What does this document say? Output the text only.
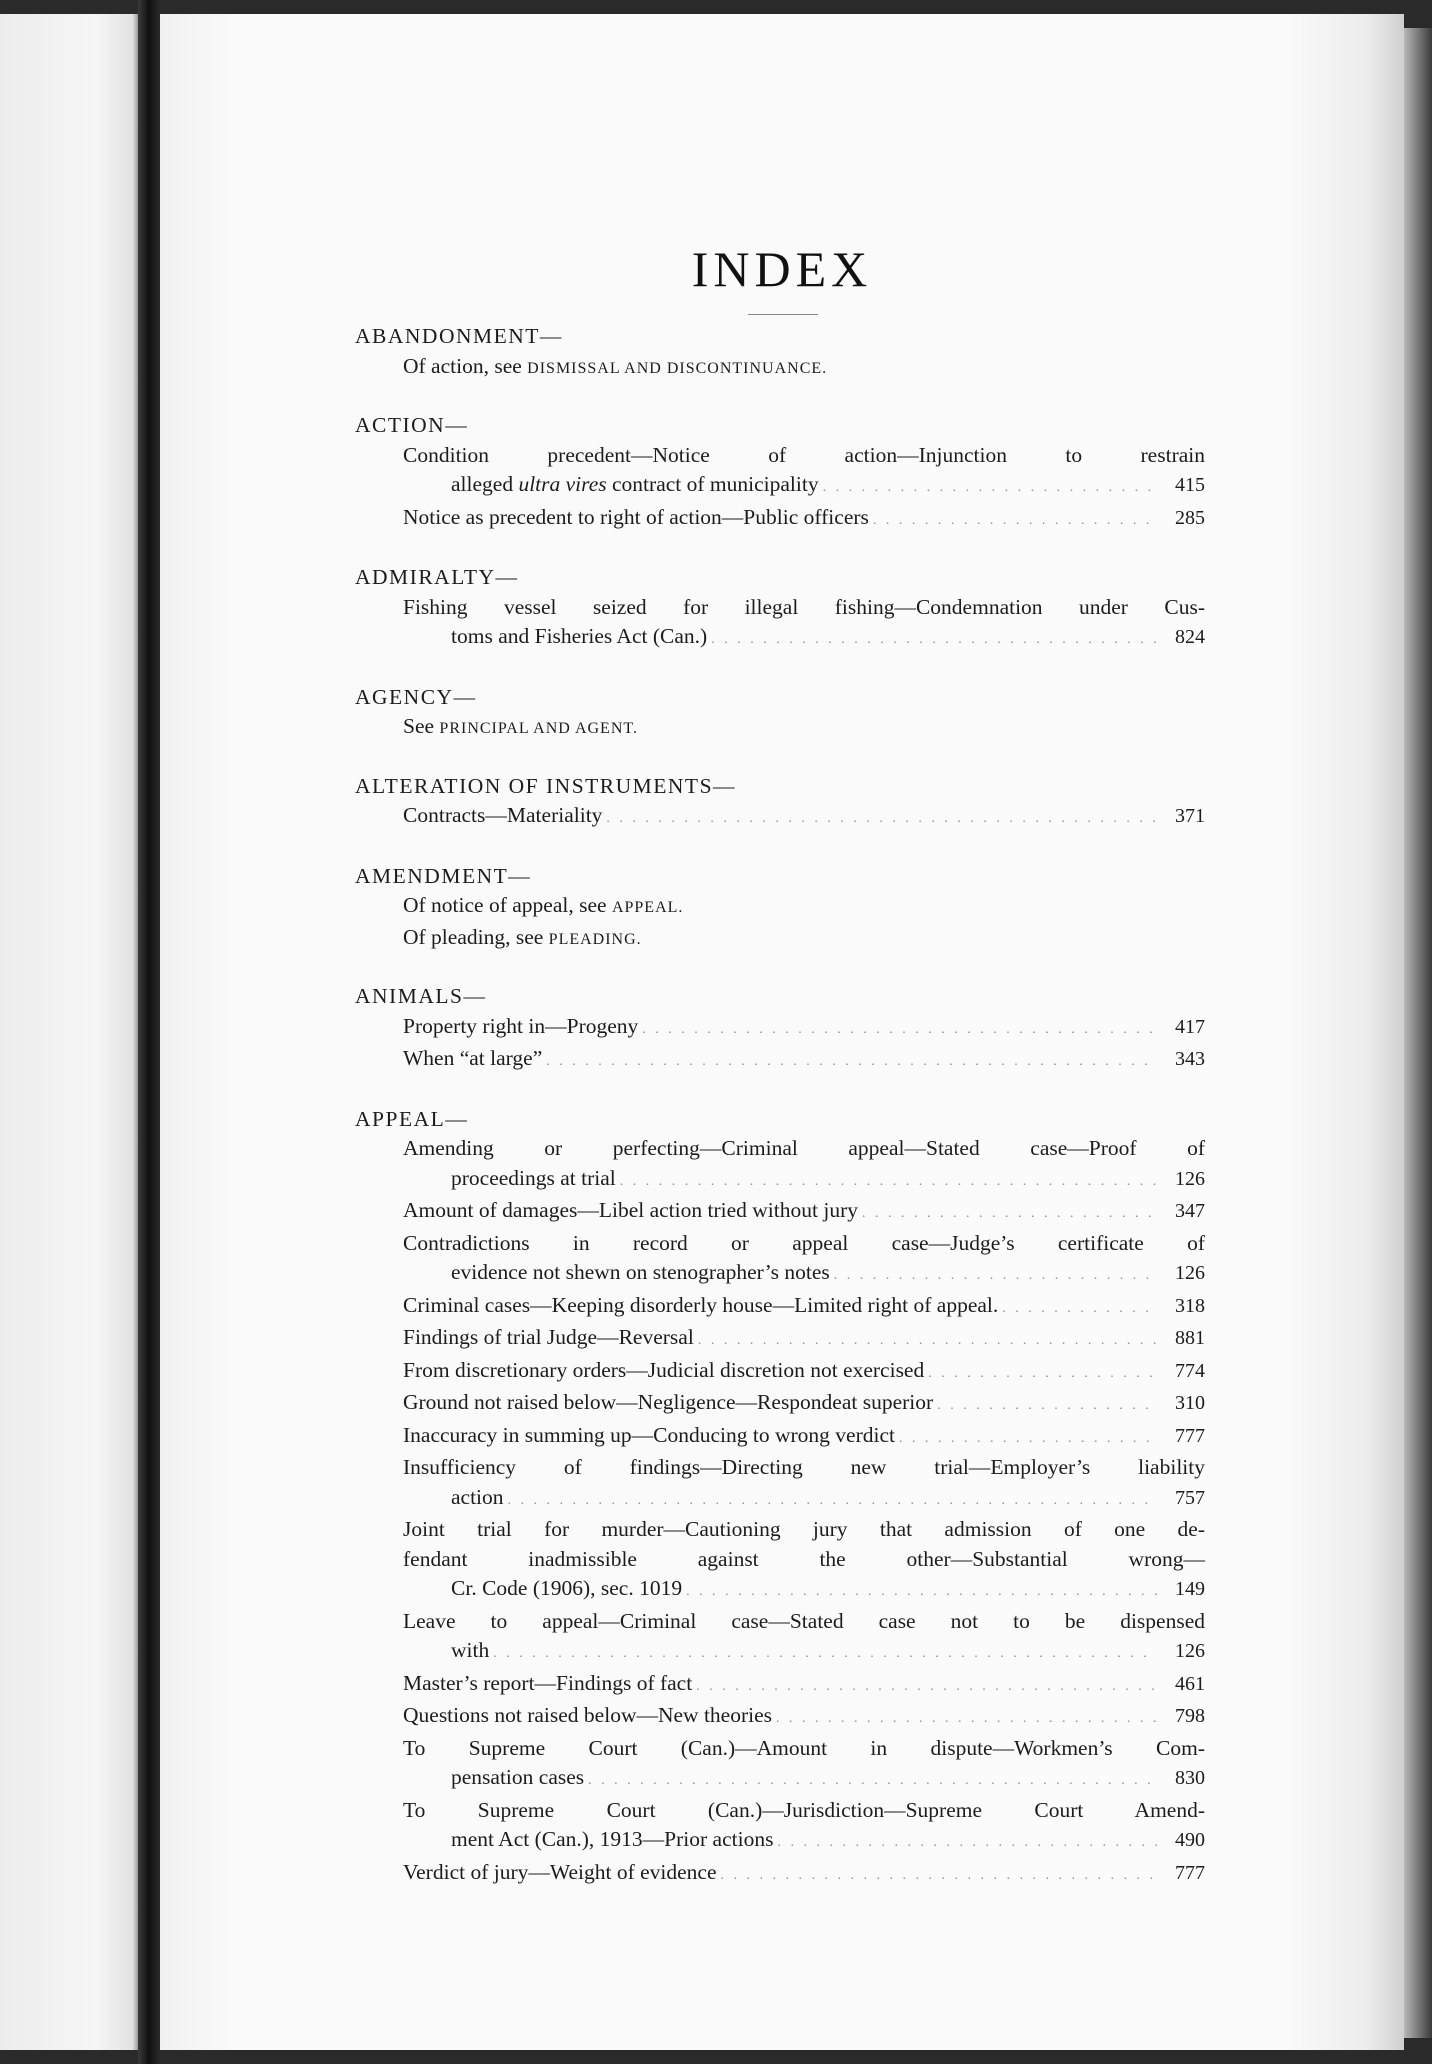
INDEX
ABANDONMENT—
Of action, see DISMISSAL AND DISCONTINUANCE.
ACTION—
Condition precedent—Notice of action—Injunction to restrain
alleged ultra vires contract of municipality . . .	415
Notice as precedent to right of action—Public officers . . .	285
ADMIRALTY—
Fishing vessel seized for illegal fishing—Condemnation under Cus-
toms and Fisheries Act (Can.) . . .	824
AGENCY—
See PRINCIPAL AND AGENT.
ALTERATION OF INSTRUMENTS—
Contracts—Materiality . . .	371
AMENDMENT—
Of notice of appeal, see APPEAL.
Of pleading, see PLEADING.
ANIMALS—
Property right in—Progeny . . .	417
When “at large” . . .	343
APPEAL—
Amending or perfecting—Criminal appeal—Stated case—Proof of
proceedings at trial . . .	126
Amount of damages—Libel action tried without jury . . .	347
Contradictions in record or appeal case—Judge’s certificate of
evidence not shewn on stenographer’s notes . . .	126
Criminal cases—Keeping disorderly house—Limited right of appeal. . . .	318
Findings of trial Judge—Reversal . . .	881
From discretionary orders—Judicial discretion not exercised . . .	774
Ground not raised below—Negligence—Respondeat superior . . .	310
Inaccuracy in summing up—Conducing to wrong verdict . . .	777
Insufficiency of findings—Directing new trial—Employer’s liability
action . . .	757
Joint trial for murder—Cautioning jury that admission of one de-
fendant inadmissible against the other—Substantial wrong—
Cr. Code (1906), sec. 1019 . . .	149
Leave to appeal—Criminal case—Stated case not to be dispensed
with . . .	126
Master’s report—Findings of fact . . .	461
Questions not raised below—New theories . . .	798
To Supreme Court (Can.)—Amount in dispute—Workmen’s Com-
pensation cases . . .	830
To Supreme Court (Can.)—Jurisdiction—Supreme Court Amend-
ment Act (Can.), 1913—Prior actions . . .	490
Verdict of jury—Weight of evidence . . .	777
